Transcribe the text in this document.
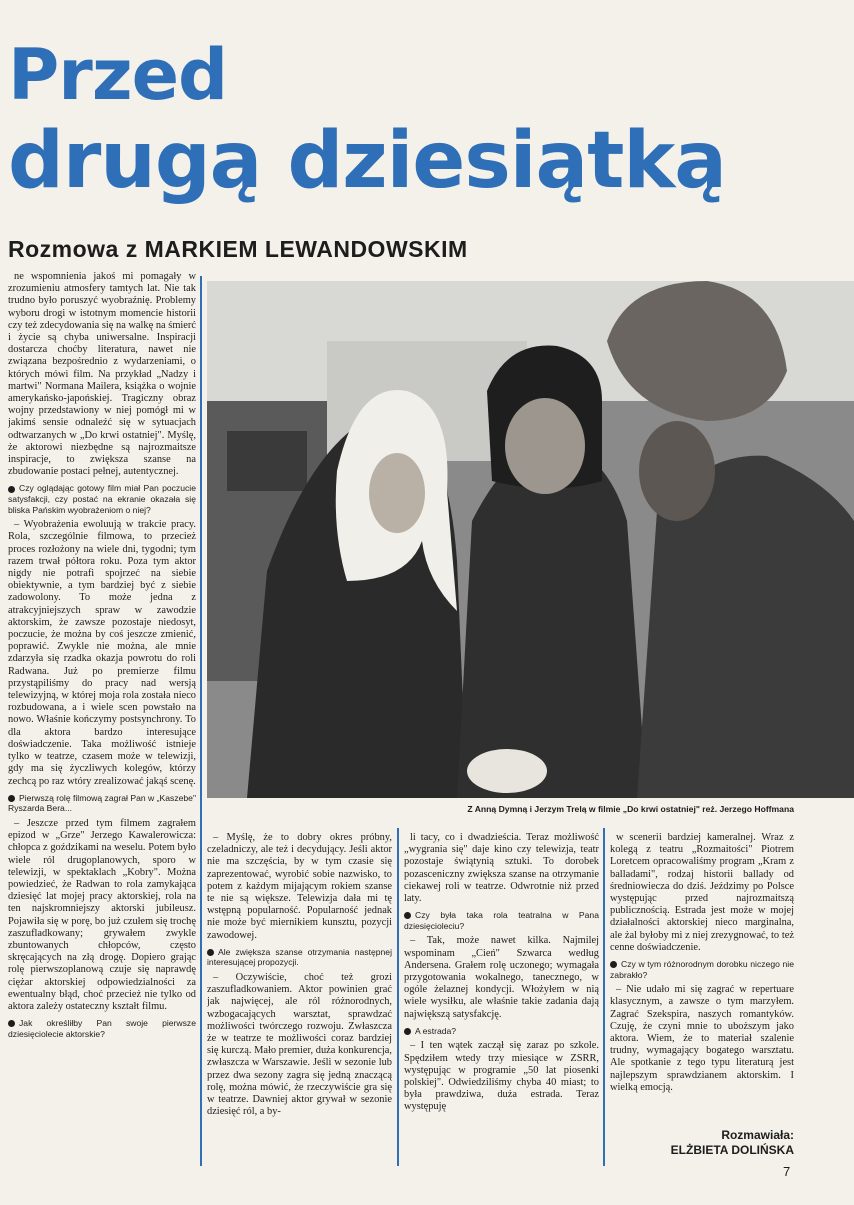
Przed
drugą dziesiątką
Rozmowa z MARKIEM LEWANDOWSKIM

ne wspomnienia jakoś mi pomagały w zrozumieniu atmosfery tamtych lat. Nie tak trudno było poruszyć wyobraźnię. Problemy wyboru drogi w istotnym momencie historii czy też zdecydowania się na walkę na śmierć i życie są chyba uniwersalne. Inspiracji dostarcza choćby literatura, nawet nie związana bezpośrednio z wydarzeniami, o których mówi film. Na przykład „Nadzy i martwi" Normana Mailera, książka o wojnie amerykańsko-japońskiej. Tragiczny obraz wojny przedstawiony w niej pomógł mi w jakimś sensie odnaleźć się w sytuacjach odtwarzanych w „Do krwi ostatniej". Myślę, że aktorowi niezbędne są najrozmaitsze inspiracje, to zwiększa szanse na zbudowanie postaci pełnej, autentycznej.

Czy oglądając gotowy film miał Pan poczucie satysfakcji, czy postać na ekranie okazała się bliska Pańskim wyobrażeniom o niej?

– Wyobrażenia ewoluują w trakcie pracy. Rola, szczególnie filmowa, to przecież proces rozłożony na wiele dni, tygodni; tym razem trwał półtora roku. Poza tym aktor nigdy nie potrafi spojrzeć na siebie obiektywnie, a tym bardziej być z siebie zadowolony. To może jedna z atrakcyjniejszych spraw w zawodzie aktorskim, że zawsze pozostaje niedosyt, poczucie, że można by coś jeszcze zmienić, poprawić. Zwykle nie można, ale mnie zdarzyła się rzadka okazja powrotu do roli Radwana. Już po premierze filmu przystąpiliśmy do pracy nad wersją telewizyjną, w której moja rola została nieco rozbudowana, a i wiele scen powstało na nowo. Właśnie kończymy postsynchrony. To dla aktora bardzo interesujące doświadczenie. Taka możliwość istnieje tylko w teatrze, czasem może w telewizji, gdy ma się życzliwych kolegów, którzy zechcą po raz wtóry zrealizować jakąś scenę.

Pierwszą rolę filmową zagrał Pan w „Kaszebe" Ryszarda Bera...

– Jeszcze przed tym filmem zagrałem epizod w „Grze" Jerzego Kawalerowicza: chłopca z goździkami na weselu. Potem było wiele ról drugoplanowych, sporo w telewizji, w spektaklach „Kobry". Można powiedzieć, że Radwan to rola zamykająca dziesięć lat mojej pracy aktorskiej, rola na ten najskromniejszy aktorski jubileusz. Pojawiła się w porę, bo już czułem się trochę zaszufladkowany; grywałem zwykle zbuntowanych chłopców, często skręcających na złą drogę. Dopiero grając rolę pierwszoplanową czuje się naprawdę ciężar aktorskiej odpowiedzialności za ewentualny błąd, choć przecież nie tylko od aktora zależy ostateczny kształt filmu.

Jak określiłby Pan swoje pierwsze dziesięciolecie aktorskie?

Z Anną Dymną i Jerzym Trelą w filmie „Do krwi ostatniej" reż. Jerzego Hoffmana

– Myślę, że to dobry okres próbny, czeladniczy, ale też i decydujący. Jeśli aktor nie ma szczęścia, by w tym czasie się zaprezentować, wyrobić sobie nazwisko, to potem z każdym mijającym rokiem szanse te nie są większe. Telewizja dała mi tę wstępną popularność. Popularność jednak nie może być miernikiem kunsztu, pozycji zawodowej.

Ale zwiększa szanse otrzymania następnej interesującej propozycji.

– Oczywiście, choć też grozi zaszufladkowaniem. Aktor powinien grać jak najwięcej, ale ról różnorodnych, wzbogacających warsztat, sprawdzać możliwości twórczego rozwoju. Zwłaszcza że w teatrze te możliwości coraz bardziej się kurczą. Mało premier, duża konkurencja, zwłaszcza w Warszawie. Jeśli w sezonie lub przez dwa sezony zagra się jedną znaczącą rolę, można mówić, że rzeczywiście gra się w teatrze. Dawniej aktor grywał w sezonie dziesięć ról, a by-

li tacy, co i dwadzieścia. Teraz możliwość „wygrania się" daje kino czy telewizja, teatr pozostaje świątynią sztuki. To dorobek pozasceniczny zwiększa szanse na otrzymanie ciekawej roli w teatrze. Odwrotnie niż przed laty.

Czy była taka rola teatralna w Pana dziesięcioleciu?

– Tak, może nawet kilka. Najmilej wspominam „Cień" Szwarca według Andersena. Grałem rolę uczonego; wymagała przygotowania wokalnego, tanecznego, w ogóle żelaznej kondycji. Włożyłem w nią wiele wysiłku, ale właśnie takie zadania dają największą satysfakcję.

A estrada?

– I ten wątek zaczął się zaraz po szkole. Spędziłem wtedy trzy miesiące w ZSRR, występując w programie „50 lat piosenki polskiej". Odwiedziliśmy chyba 40 miast; to była prawdziwa, duża estrada. Teraz występuję

w scenerii bardziej kameralnej. Wraz z kolegą z teatru „Rozmaitości" Piotrem Loretcem opracowaliśmy program „Kram z balladami", rodzaj historii ballady od średniowiecza do dziś. Jeździmy po Polsce występując przed najrozmaitszą publicznością. Estrada jest może w mojej działalności aktorskiej nieco marginalna, ale żal byłoby mi z niej zrezygnować, to też cenne doświadczenie.

Czy w tym różnorodnym dorobku niczego nie zabrakło?

– Nie udało mi się zagrać w repertuare klasycznym, a zawsze o tym marzyłem. Zagrać Szekspira, naszych romantyków. Czuję, że czyni mnie to uboższym jako aktora. Wiem, że to materiał szalenie trudny, wymagający bogatego warsztatu. Ale spotkanie z tego typu literaturą jest najlepszym sprawdzianem aktorskim. I wielką emocją.

Rozmawiała:
ELŻBIETA DOLIŃSKA
7
